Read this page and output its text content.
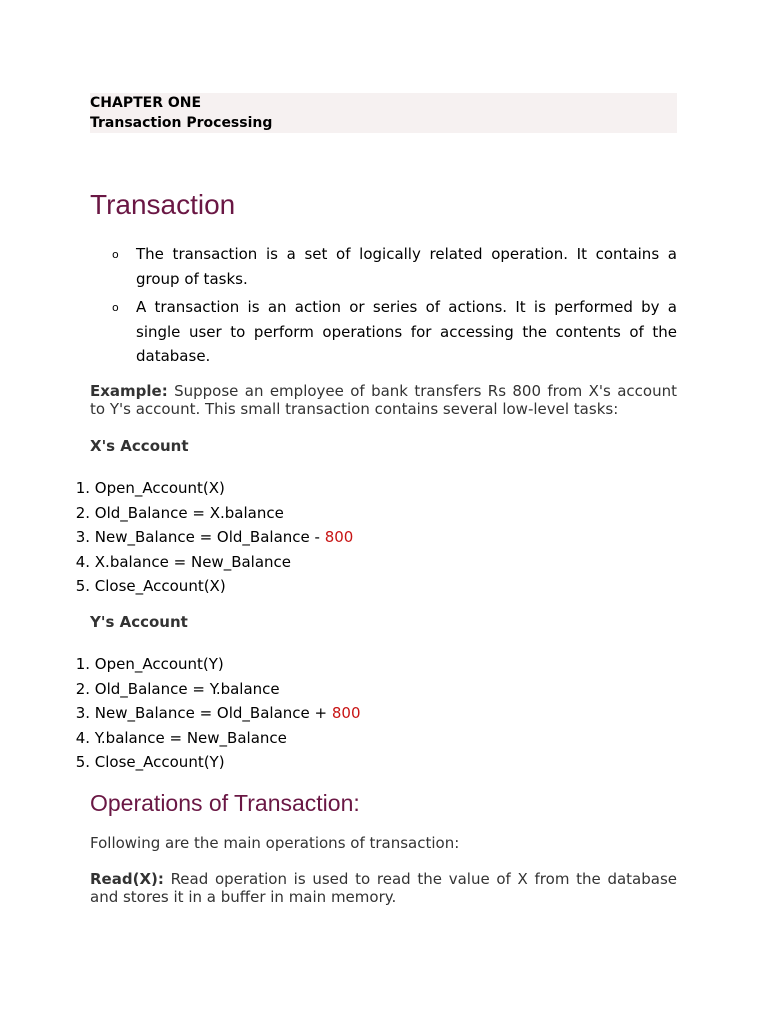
CHAPTER ONE
Transaction Processing
Transaction
o The transaction is a set of logically related operation. It contains a group of tasks.
o A transaction is an action or series of actions. It is performed by a single user to perform operations for accessing the contents of the database.

Example: Suppose an employee of bank transfers Rs 800 from X's account to Y's account. This small transaction contains several low-level tasks:

X's Account

1. Open_Account(X)
2. Old_Balance = X.balance
3. New_Balance = Old_Balance - 800
4. X.balance = New_Balance
5. Close_Account(X)

Y's Account

1. Open_Account(Y)
2. Old_Balance = Y.balance
3. New_Balance = Old_Balance + 800
4. Y.balance = New_Balance
5. Close_Account(Y)
Operations of Transaction:

Following are the main operations of transaction:

Read(X): Read operation is used to read the value of X from the database and stores it in a buffer in main memory.
